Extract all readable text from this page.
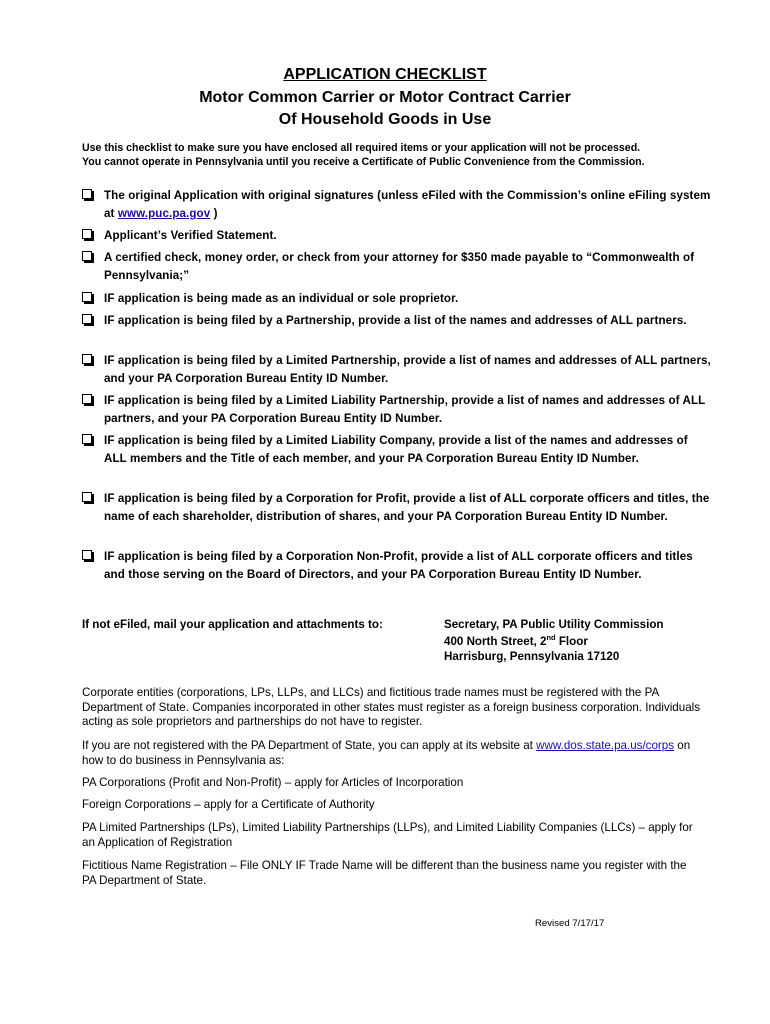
APPLICATION CHECKLIST
Motor Common Carrier or Motor Contract Carrier
Of Household Goods in Use
Use this checklist to make sure you have enclosed all required items or your application will not be processed.
You cannot operate in Pennsylvania until you receive a Certificate of Public Convenience from the Commission.
The original Application with original signatures (unless eFiled with the Commission’s online eFiling system at www.puc.pa.gov )
Applicant’s Verified Statement.
A certified check, money order, or check from your attorney for $350 made payable to “Commonwealth of Pennsylvania;”
IF application is being made as an individual or sole proprietor.
IF application is being filed by a Partnership, provide a list of the names and addresses of ALL partners.
IF application is being filed by a Limited Partnership, provide a list of names and addresses of ALL partners, and your PA Corporation Bureau Entity ID Number.
IF application is being filed by a Limited Liability Partnership, provide a list of names and addresses of ALL partners, and your PA Corporation Bureau Entity ID Number.
IF application is being filed by a Limited Liability Company, provide a list of the names and addresses of ALL members and the Title of each member, and your PA Corporation Bureau Entity ID Number.
IF application is being filed by a Corporation for Profit, provide a list of ALL corporate officers and titles, the name of each shareholder, distribution of shares, and your PA Corporation Bureau Entity ID Number.
IF application is being filed by a Corporation Non-Profit, provide a list of ALL corporate officers and titles and those serving on the Board of Directors, and your PA Corporation Bureau Entity ID Number.
If not eFiled, mail your application and attachments to:	Secretary, PA Public Utility Commission
400 North Street, 2nd Floor
Harrisburg, Pennsylvania 17120
Corporate entities (corporations, LPs, LLPs, and LLCs) and fictitious trade names must be registered with the PA Department of State. Companies incorporated in other states must register as a foreign business corporation. Individuals acting as sole proprietors and partnerships do not have to register.
If you are not registered with the PA Department of State, you can apply at its website at www.dos.state.pa.us/corps on how to do business in Pennsylvania as:
PA Corporations (Profit and Non-Profit) – apply for Articles of Incorporation
Foreign Corporations – apply for a Certificate of Authority
PA Limited Partnerships (LPs), Limited Liability Partnerships (LLPs), and Limited Liability Companies (LLCs) – apply for an Application of Registration
Fictitious Name Registration – File ONLY IF Trade Name will be different than the business name you register with the PA Department of State.
Revised 7/17/17
